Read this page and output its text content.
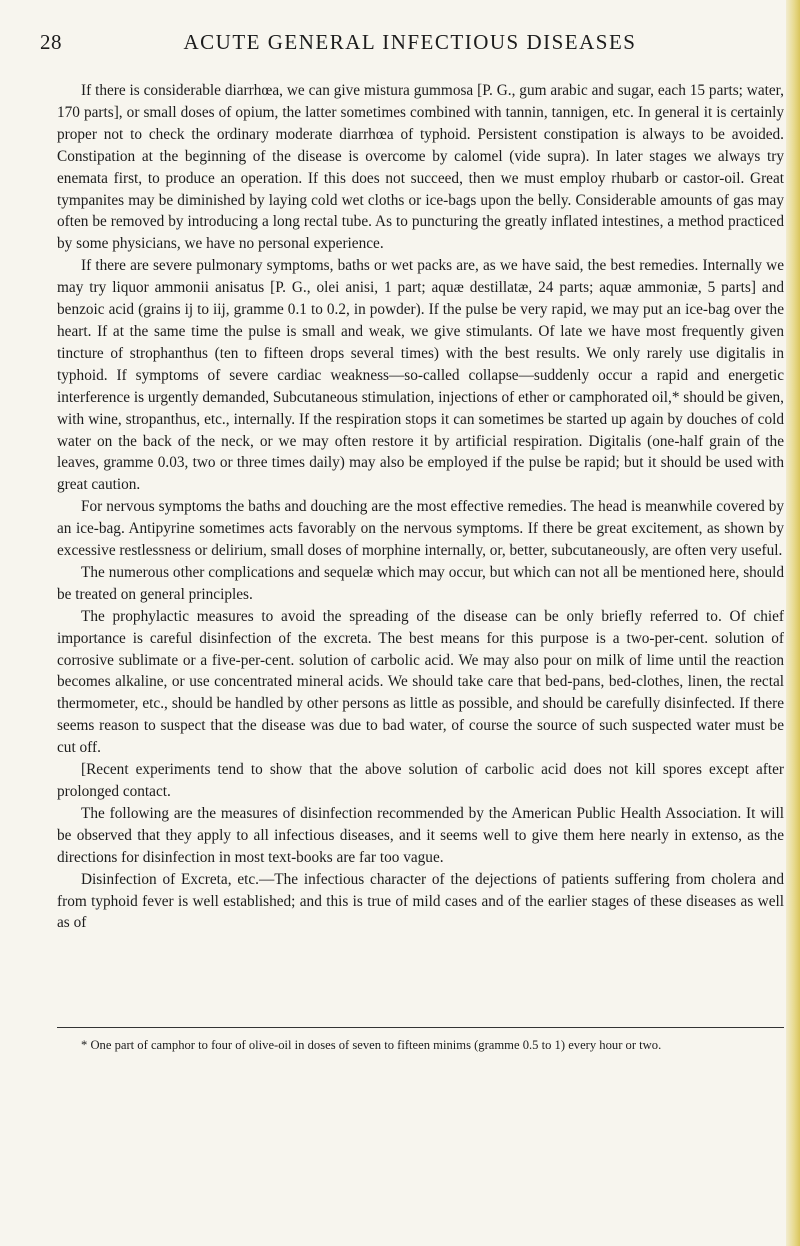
28	ACUTE GENERAL INFECTIOUS DISEASES

If there is considerable diarrhœa, we can give mistura gummosa [P. G., gum arabic and sugar, each 15 parts; water, 170 parts], or small doses of opium, the latter sometimes combined with tannin, tannigen, etc. In general it is certainly proper not to check the ordinary moderate diarrhœa of typhoid. Persistent constipation is always to be avoided. Constipation at the beginning of the disease is overcome by calomel (vide supra). In later stages we always try enemata first, to produce an operation. If this does not succeed, then we must employ rhubarb or castor-oil. Great tympanites may be diminished by laying cold wet cloths or ice-bags upon the belly. Considerable amounts of gas may often be removed by introducing a long rectal tube. As to puncturing the greatly inflated intestines, a method practiced by some physicians, we have no personal experience.

If there are severe pulmonary symptoms, baths or wet packs are, as we have said, the best remedies. Internally we may try liquor ammonii anisatus [P. G., olei anisi, 1 part; aquæ destillatæ, 24 parts; aquæ ammoniæ, 5 parts] and benzoic acid (grains ij to iij, gramme 0.1 to 0.2, in powder). If the pulse be very rapid, we may put an ice-bag over the heart. If at the same time the pulse is small and weak, we give stimulants. Of late we have most frequently given tincture of strophanthus (ten to fifteen drops several times) with the best results. We only rarely use digitalis in typhoid. If symptoms of severe cardiac weakness—so-called collapse—suddenly occur a rapid and energetic interference is urgently demanded, Subcutaneous stimulation, injections of ether or camphorated oil,* should be given, with wine, stropanthus, etc., internally. If the respiration stops it can sometimes be started up again by douches of cold water on the back of the neck, or we may often restore it by artificial respiration. Digitalis (one-half grain of the leaves, gramme 0.03, two or three times daily) may also be employed if the pulse be rapid; but it should be used with great caution.

For nervous symptoms the baths and douching are the most effective remedies. The head is meanwhile covered by an ice-bag. Antipyrine sometimes acts favorably on the nervous symptoms. If there be great excitement, as shown by excessive restlessness or delirium, small doses of morphine internally, or, better, subcutaneously, are often very useful.

The numerous other complications and sequelæ which may occur, but which can not all be mentioned here, should be treated on general principles.

The prophylactic measures to avoid the spreading of the disease can be only briefly referred to. Of chief importance is careful disinfection of the excreta. The best means for this purpose is a two-per-cent. solution of corrosive sublimate or a five-per-cent. solution of carbolic acid. We may also pour on milk of lime until the reaction becomes alkaline, or use concentrated mineral acids. We should take care that bed-pans, bed-clothes, linen, the rectal thermometer, etc., should be handled by other persons as little as possible, and should be carefully disinfected. If there seems reason to suspect that the disease was due to bad water, of course the source of such suspected water must be cut off.

[Recent experiments tend to show that the above solution of carbolic acid does not kill spores except after prolonged contact.

The following are the measures of disinfection recommended by the American Public Health Association. It will be observed that they apply to all infectious diseases, and it seems well to give them here nearly in extenso, as the directions for disinfection in most text-books are far too vague.

Disinfection of Excreta, etc.—The infectious character of the dejections of patients suffering from cholera and from typhoid fever is well established; and this is true of mild cases and of the earlier stages of these diseases as well as of

* One part of camphor to four of olive-oil in doses of seven to fifteen minims (gramme 0.5 to 1) every hour or two.
